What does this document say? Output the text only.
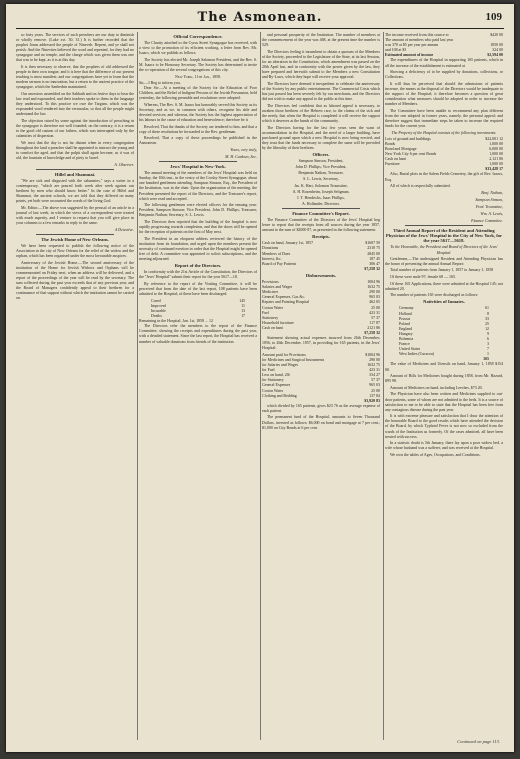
The Asmonean.	109

so forty years. The services of such preachers are our duty to diminish or wholly remove. (Luke xvi. 30, 31.) It is further recorded that the prophet Jonas addressed the people of Nineveh. Repent, and ye shall not perish. And the Ninevites believed the word and repented, for they had no synagogue and no temple, and the charge which was given them was one that was to be kept, as it is at this day.

It is then necessary to observe, that the prophets of old addressed the people in their own tongue, and it is here that the difference of our present teaching is most manifest; and our congregations have yet to learn that the modern sermon is no innovation, but a return to the ancient practice of the synagogue, which the Sanhedrin maintained.

Our ancestors assembled on the Sabbath and on festive days to hear the law read and expounded, and their teachers spoke to them in the language they understood. To this practice we owe the Targum, which was the expounded word rendered into the vernacular, so that all the people might understand the law.

The objection raised by some against the introduction of preaching in the synagogue is therefore not well founded; on the contrary, it is a return to the good old custom of our fathers, which was interrupted only by the calamities of dispersion.

We trust that the day is not far distant when in every congregation throughout the land a preacher shall be appointed to instruct the young and to comfort the aged, and that the pulpit shall again become, as it was of old, the fountain of knowledge and of piety to Israel.

A. Observer.
Hillel and Shammai.

"We are sick and disgusted with the calumnies," says a writer in a contemporary, "which are poured forth week after week against our brethren by men who should know better." In the case of Hillel and Shammai, the ancient schools, we are told that they differed on many points, yet both were accounted the words of the living God.

Mr. Editor.—The above was suggested by the perusal of an article in a journal of last week, in which the views of a correspondent were treated with much asperity, and I venture to request that you will give place in your columns to a few remarks in reply to the same.

A Detective.
The Jewish Home of New Orleans.

We have been requested to publish the following notice of the Association in the city of New Orleans for the relief of the widow and the orphan, which has been organised under the most favourable auspices.

Anniversary of the Jewish Home.—The second anniversary of the institution of the Home for Jewish Widows and Orphans will be commemorated on Friday next, when an address will be delivered, and a report of the proceedings of the year will be read by the secretary. The sum collected during the past year exceeds that of any previous year, and the Board of Managers confidently appeal to their brethren for a continuance of that support without which the institution cannot be carried on.

Official Correspondence.

The Charity attached to the Cyrus Street Synagogue has received, with a view to the promotion of its efficient working, a letter from Rev. Mr. Isaacs, which we publish as follows.

The Society has elected Mr. Joseph Salomon President, and the Rev. S. M. Isaacs to be Honorary Secretary. The Society has determined to invite the co-operation of the several congregations of this city.

New York, 11th Jan., 1858.
Sir,—I Beg to inform you,

Dear Sir:—At a meeting of the Society for the Education of Poor Children, and the Relief of Indigent Persons of the Jewish Persuasion, held yesterday, the following preamble and resolutions were adopted:

Whereas, The Rev. S. M. Isaacs has honorably served this Society as its Secretary, and as we, in common with others, recognise his able and devoted services; and whereas, the Society has the highest appreciation of his labours in the cause of education and benevolence; therefore be it

Resolved, That the thanks of the Society are tendered to him, and that a copy of these resolutions be forwarded to the Rev. gentleman.

Resolved, That a copy of these proceedings be published in the Asmonean.

Yours, very truly,
M. H. Cardozo, Sec.
Jews' Hospital in New-York.

The annual meeting of the members of the Jews' Hospital was held on Sunday, the 10th inst., in the vestry of the Crosby Street Synagogue, about one hundred gentlemen attending. Sampson Simson, Esq., the President of the Institution, was in the chair. Upon the organisation of the meeting, the President presented the report of the Directors, and the Treasurer's report, which were read and accepted.

The following gentlemen were elected officers for the ensuing year: President, Sampson Simson; Vice President, John D. Phillips; Treasurer, Benjamin Nathan; Secretary, S. L. Lewis.

The Directors then reported that the building of the hospital is now rapidly progressing towards completion, and that the doors will be opened for the reception of patients on the first of May next.

The President in an eloquent address reviewed the history of the institution from its foundation, and urged upon the members present the necessity of continued exertion in order that the Hospital might be opened free of debt. A committee was appointed to solicit subscriptions, and the meeting adjourned.

Report of the Directors.

In conformity with the 21st Article of the Constitution, the Directors of the "Jews' Hospital" submit their report for the year 5617—18.

By reference to the report of the Visiting Committee, it will be perceived that from the date of the last report, 108 patients have been admitted to the Hospital; of these have been discharged:

Cured	145
Improved	11
Incurable	13
Deaths	17
Remaining in the Hospital, Jan. 1st, 1858 ... 12

The Directors refer the members to the report of the Finance Committee, showing the receipts and expenditures during the past year, with a detailed statement. Since the last report, the Hospital has received a number of valuable donations from friends of the institution.

and personal prosperity of the Institution. The number of members at the commencement of the year was 468, at the present time the number is 529.

The Directors feeling it incumbent to obtain a quorum of the Members of the Society, proceeded to the Legislature of the State, at its last Session, for an alteration in the Constitution, which amendment was passed on the 20th April last, and in conformity with the power given by the law, they have prepared and herewith submit to the Members a new Constitution and By-Laws, which they hope will receive your approval.

The Directors have deemed it inexpedient to celebrate the anniversary of the Society by any public entertainment. The Commercial Crisis which has just passed has been severely felt by our merchants, and the Directors did not wish to make any appeal to the public at this time.

The Directors feel confident that as labored appeal is necessary, to awaken those brethren of the Hebrew race, to the claims of the sick and the needy, that when the Hospital is completed it will receive the support which it deserves at the hands of the community.

The Directors having for the last few years seen the want of accommodation in the Hospital, and the need of a larger building, have purchased ground upon which a new Hospital is now being erected, and they trust that the funds necessary to complete the same will be provided by the liberality of their brethren.

Officers.
Sampson Simson, President,
John D. Phillips, Vice President,
Benjamin Nathan, Treasurer,
S. L. Lewis, Secretary,
Jas. K. Hart, Solomon Trounstine,
A. H. Rosenheim, Joseph Seligman,
I. T. Hendricks, Isaac Phillips,
A. Hollander, Directors.
Finance Committee's Report.

The Finance Committee of the Directors of the Jews' Hospital beg leave to report that the receipts from all sources during the year 1857, amount to the sum of $2000 87, as presented in the following statement:

Receipts.
Cash on hand, January 1st, 1857	$1607 50
Donations	2318 75
Members of Dues	2845 00
Interest, &c.	187 45
Board of Pay Patients	306 47
$7,258 32
Disbursements.
Provisions	1004 96
Salaries and Wages	1632 75
Medicines	290 00
General Expenses, Gas &c.	965 03
Repairs and Painting Hospital	462 05
Croton Water	25 00
Fuel	423 31
Stationery	57 37
Household furniture	117 87
Cash on hand	2121 86
$7,258 32

Statement showing actual expenses incurred from 26th December, 1856, to 26th December, 1857, in providing for 165 patients, in the Jews' Hospital:

Amount paid for Provisions	$1004 96
for Medicines and Surgical Instruments	290 00
for Salaries and Wages	1632 75
for Fuel	423 31
Less on hand, 20t	334 27
for Stationery	57 37
General Expenses	965 03
Croton Water	25 00
Clothing and Bedding	137 84
$3,920 83

which divided by 165 patients, gives $23 76 as the average expense of each patient.

The permanent fund of the Hospital, amounts to Seven Thousand Dollars, invested as follows: $6,000 on bond and mortgage at 7 per cent.; $1,000 on City Bonds at 6 per cent.

The income received from this source to	$420 00
The amount of members who paid last year
was 370 at $5 per year per annum	1850 00
and 108 at $3	324 00
Estimated amount of income	$2,594 00

The expenditures of the Hospital in supporting 165 patients, which in all the increase of the establishment is estimated at

Showing a deficiency of to be supplied by donations, collections, or Collections.

It will thus be perceived that should the admissions of patients increase, the means at the disposal of the Directors would be inadequate to the support of the Hospital; it therefore becomes a question of great consideration what measures should be adopted in order to increase the number of Members.

The Committee have been unable to recommend any plan different from the one adopted in former years, namely, the personal appeal; and therefore suggest that immediate steps be taken to increase the required funds for the current year.

The Property of the Hospital consists of the following investments:
Lots of ground and buildings	$22,001 12
Bonds	1,000 00
Bond and Mortgage	6,000 00
New York City 6 per cent Bonds	1,000 00
Cash on hand	2,121 86
Furniture	1,000 00
$33,428 17

Also, Burial plots in the Salem Fields Cemetery, the gift of Rev. Isaacs, Esq.

All of which is respectfully submitted.

Benj. Nathan,
Sampson Simson,
Fred. Trounstine,
Wm. A. Lewis,
Finance Committee.
Third Annual Report of the Resident and Attending Physician of the Jews' Hospital in the City of New York, for the year 5617—5618.
To the Honorable, the President and Board of Directors of the Jews' Hospital.

Gentlemen,—The undersigned Resident and Attending Physician has the honor of presenting the annual Annual Report:

Total number of patients from January 1, 1857 to January 1, 1858

Of these were male 97; female 68 — 165.

Of these 165 Applications, there were admitted at the Hospital 145; not admitted 20.

The number of patients 165 were discharged as follows:

Nativities of Inmates.
Germany	61
Holland	8
Prussia	33
Poland	25
England	12
Hungary	9
Bohemia	6
France	3
United States	7
West Indies (Curacoa)	1
165

The value of Medicines and Utensils on hand, January 1, 1858 $154 00.

Amount of Bills for Medicines bought during 1858, from Mr. Hazard, $95 98.

Amount of Medicines on hand, including Leeches, $73 20.

The Physician have also been written and Medicines supplied to out-door patients, some of whom are not admitted to the beds. It is a source of satisfaction to me to be able to state that the Hospital has been free from any contagious disease during the past year.

It is with extreme pleasure and satisfaction that I draw the attention of the honorable Board to the good results which have attended the decision of the Board, by which Typhoid Fever is not now so excluded from the wards of the Institution as formerly. Of the cases admitted, all have been treated with success.

In a statistic doubt is 5th January, there lay upon a poor widow bed, a wife whose husband was a sufferer, and was received at the Hospital.

We own the tables of Ages, Occupations, and Conditions.

Continued on page 113.
